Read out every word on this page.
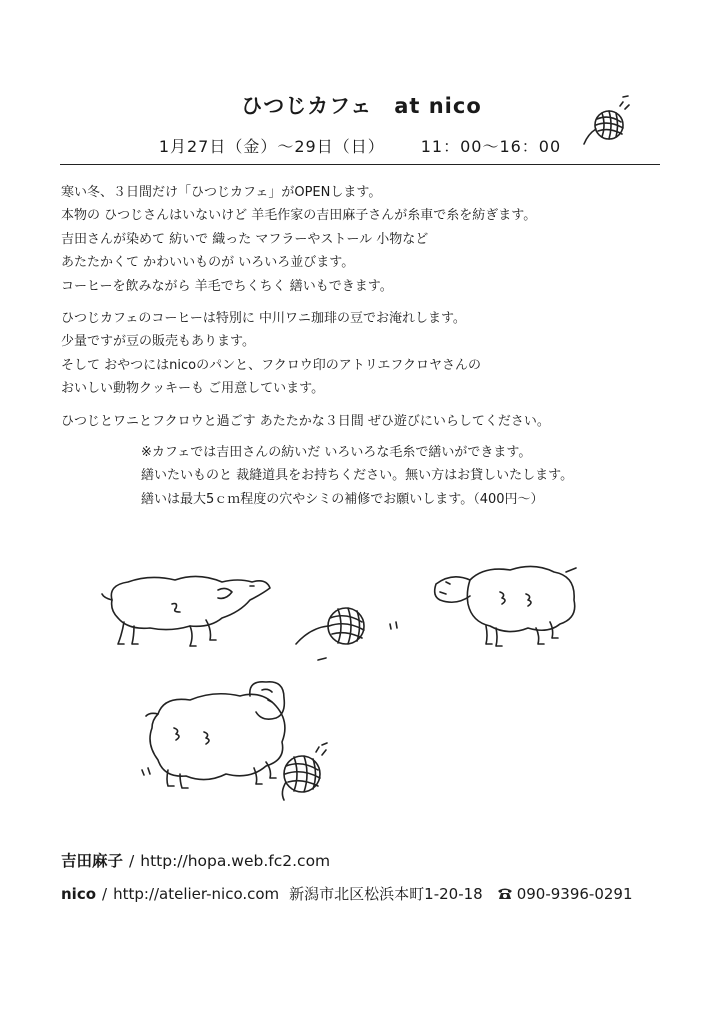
ひつじカフェ at nico
1月27日（金）〜29日（日） 11：00〜16：00

寒い冬、３日間だけ「ひつじカフェ」がOPENします。
本物の ひつじさんはいないけど 羊毛作家の吉田麻子さんが糸車で糸を紡ぎます。
吉田さんが染めて 紡いで 織った マフラーやストール 小物など
あたたかくて かわいいものが いろいろ並びます。
コーヒーを飲みながら 羊毛でちくちく 繕いもできます。

ひつじカフェのコーヒーは特別に 中川ワニ珈琲の豆でお淹れします。
少量ですが豆の販売もあります。
そして おやつにはnicoのパンと、フクロウ印のアトリエフクロヤさんの
おいしい動物クッキーも ご用意しています。

ひつじとワニとフクロウと過ごす あたたかな３日間 ぜひ遊びにいらしてください。

※カフェでは吉田さんの紡いだ いろいろな毛糸で繕いができます。
繕いたいものと 裁縫道具をお持ちください。無い方はお貸しいたします。
繕いは最大5ｃｍ程度の穴やシミの補修でお願いします。（400円〜）
吉田麻子 / http://hopa.web.fc2.com
nico / http://atelier-nico.com 新潟市北区松浜本町1-20-18 090-9396-0291
